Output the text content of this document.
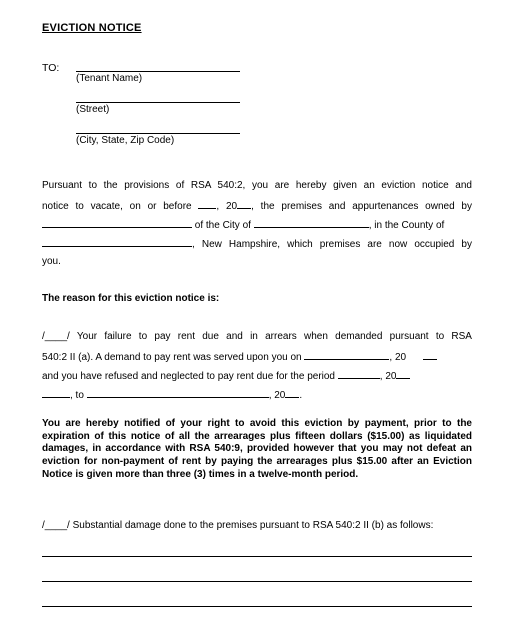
EVICTION NOTICE
TO:
(Tenant Name)
(Street)
(City, State, Zip Code)
Pursuant to the provisions of RSA 540:2, you are hereby given an eviction notice and
notice to vacate, on or before , 20 , the premises and appurtenances owned by
of the City of	, in the County of
, New Hampshire, which premises are now occupied by
you.
The reason for this eviction notice is:
/____/ Your failure to pay rent due and in arrears when demanded pursuant to RSA
540:2 II (a). A demand to pay rent was served upon you on	, 20
and you have refused and neglected to pay rent due for the period	, 20
, to	, 20 .
You are hereby notified of your right to avoid this eviction by payment, prior to the expiration of this notice of all the arrearages plus fifteen dollars ($15.00) as liquidated damages, in accordance with RSA 540:9, provided however that you may not defeat an eviction for non-payment of rent by paying the arrearages plus $15.00 after an Eviction Notice is given more than three (3) times in a twelve-month period.
/____/ Substantial damage done to the premises pursuant to RSA 540:2 II (b) as follows:
